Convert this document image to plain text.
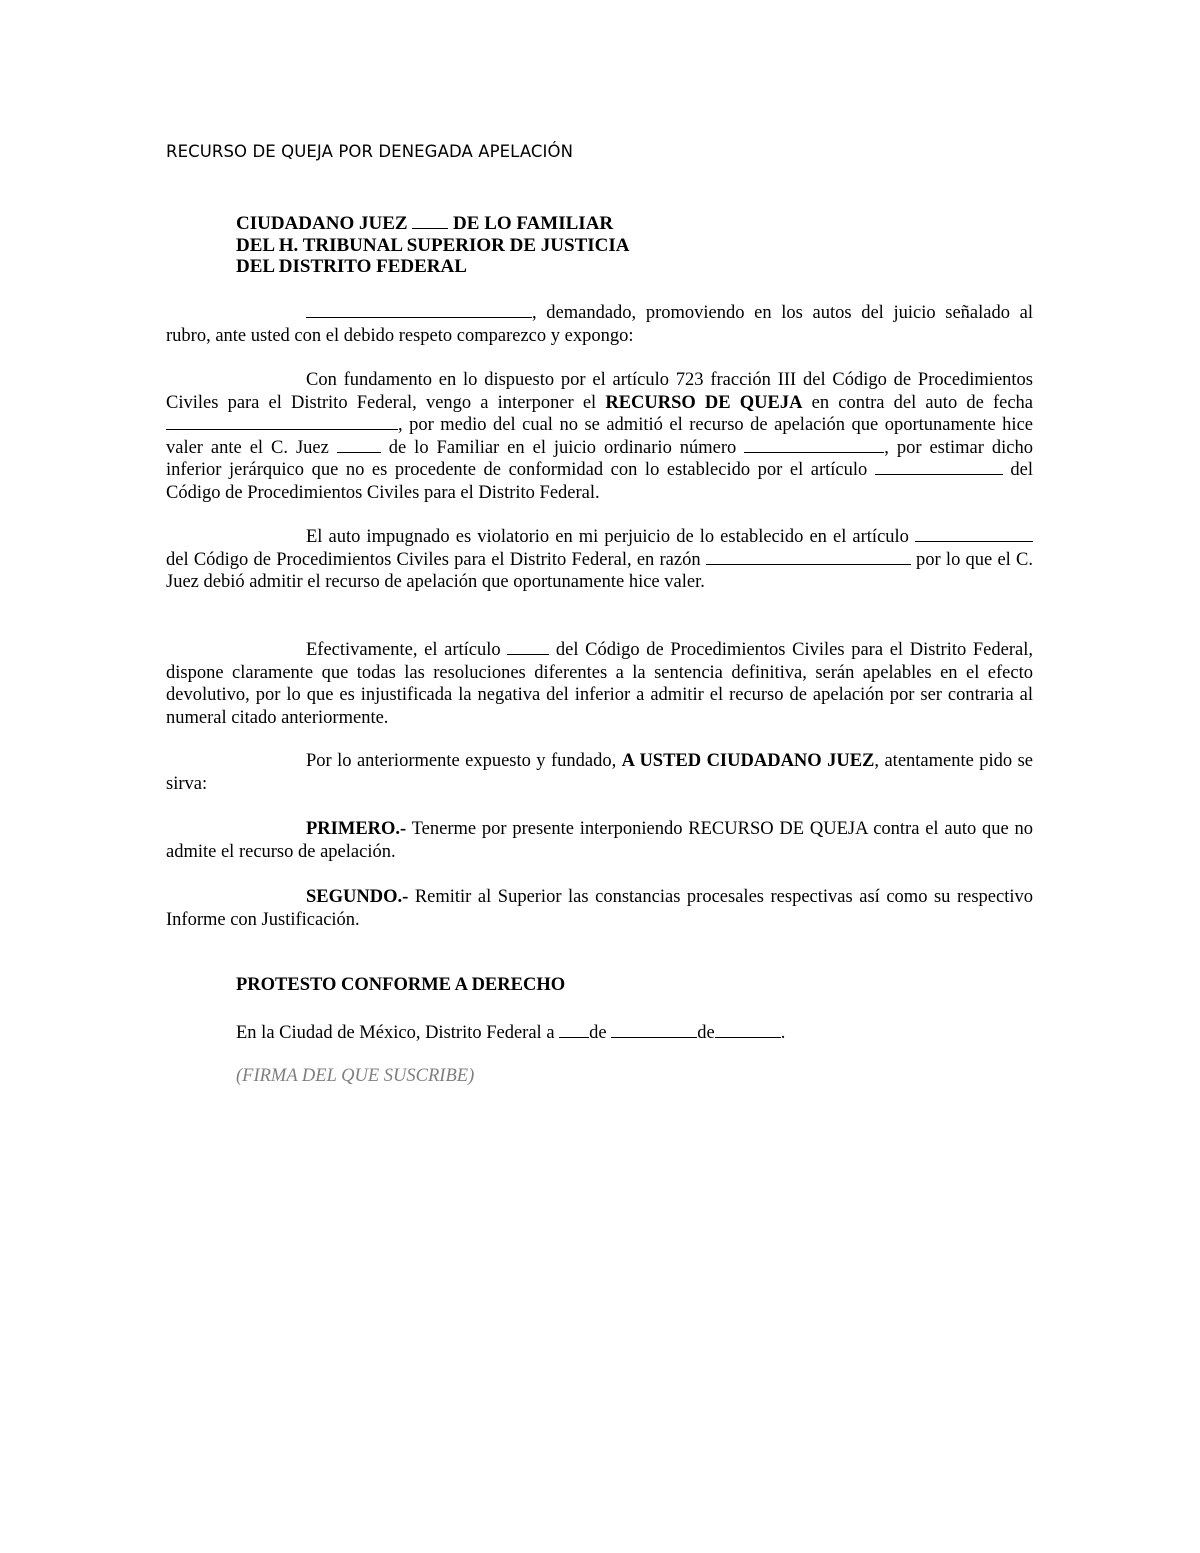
RECURSO DE QUEJA POR DENEGADA APELACIÓN
CIUDADANO JUEZ  DE LO FAMILIAR
DEL H. TRIBUNAL SUPERIOR DE JUSTICIA
DEL DISTRITO FEDERAL

, demandado, promoviendo en los autos del juicio señalado al rubro, ante usted con el debido respeto comparezco y expongo:

Con fundamento en lo dispuesto por el artículo 723 fracción III del Código de Procedimientos Civiles para el Distrito Federal, vengo a interponer el RECURSO DE QUEJA en contra del auto de fecha , por medio del cual no se admitió el recurso de apelación que oportunamente hice valer ante el C. Juez  de lo Familiar en el juicio ordinario número	, por estimar dicho inferior jerárquico que no es procedente de conformidad con lo establecido por el artículo	del Código de Procedimientos Civiles para el Distrito Federal.

El auto impugnado es violatorio en mi perjuicio de lo establecido en el artículo  del Código de Procedimientos Civiles para el Distrito Federal, en razón	por lo que el C. Juez debió admitir el recurso de apelación que oportunamente hice valer.

Efectivamente, el artículo  del Código de Procedimientos Civiles para el Distrito Federal, dispone claramente que todas las resoluciones diferentes a la sentencia definitiva, serán apelables en el efecto devolutivo, por lo que es injustificada la negativa del inferior a admitir el recurso de apelación por ser contraria al numeral citado anteriormente.

Por lo anteriormente expuesto y fundado, A USTED CIUDADANO JUEZ, atentamente pido se sirva:

PRIMERO.- Tenerme por presente interponiendo RECURSO DE QUEJA contra el auto que no admite el recurso de apelación.

SEGUNDO.- Remitir al Superior las constancias procesales respectivas así como su respectivo Informe con Justificación.

PROTESTO CONFORME A DERECHO
En la Ciudad de México, Distrito Federal a de	de	.
(FIRMA DEL QUE SUSCRIBE)
